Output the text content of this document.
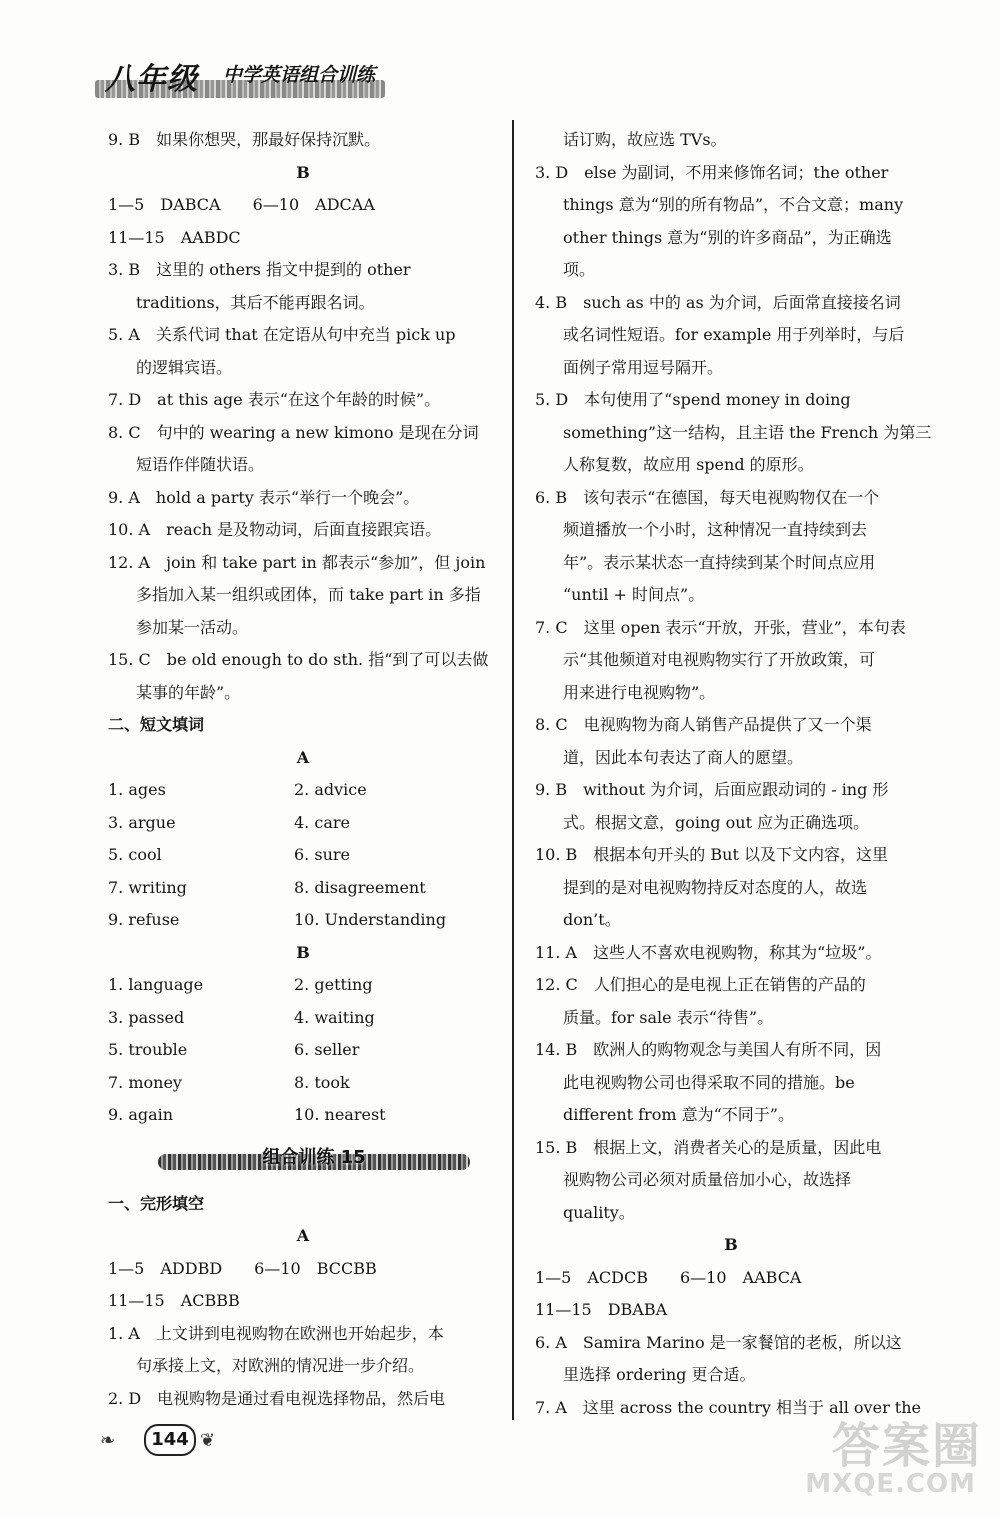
八年级 中学英语组合训练
9. B　如果你想哭，那最好保持沉默。
B
1—5　DABCA　　6—10　ADCAA
11—15　AABDC
3. B　这里的 others 指文中提到的 other
traditions，其后不能再跟名词。
5. A　关系代词 that 在定语从句中充当 pick up
的逻辑宾语。
7. D　at this age 表示“在这个年龄的时候”。
8. C　句中的 wearing a new kimono 是现在分词
短语作伴随状语。
9. A　hold a party 表示“举行一个晚会”。
10. A　reach 是及物动词，后面直接跟宾语。
12. A　join 和 take part in 都表示“参加”，但 join
多指加入某一组织或团体，而 take part in 多指
参加某一活动。
15. C　be old enough to do sth. 指“到了可以去做
某事的年龄”。
二、短文填词
A
1. ages	2. advice
3. argue	4. care
5. cool	6. sure
7. writing	8. disagreement
9. refuse	10. Understanding
B
1. language	2. getting
3. passed	4. waiting
5. trouble	6. seller
7. money	8. took
9. again	10. nearest
组合训练 15
一、完形填空
A
1—5　ADDBD　　6—10　BCCBB
11—15　ACBBB
1. A　上文讲到电视购物在欧洲也开始起步，本
句承接上文，对欧洲的情况进一步介绍。
2. D　电视购物是通过看电视选择物品，然后电
话订购，故应选 TVs。
3. D　else 为副词，不用来修饰名词；the other
things 意为“别的所有物品”，不合文意；many
other things 意为“别的许多商品”，为正确选
项。
4. B　such as 中的 as 为介词，后面常直接接名词
或名词性短语。for example 用于列举时，与后
面例子常用逗号隔开。
5. D　本句使用了“spend money in doing
something”这一结构，且主语 the French 为第三
人称复数，故应用 spend 的原形。
6. B　该句表示“在德国，每天电视购物仅在一个
频道播放一个小时，这种情况一直持续到去
年”。表示某状态一直持续到某个时间点应用
“until + 时间点”。
7. C　这里 open 表示“开放，开张，营业”，本句表
示“其他频道对电视购物实行了开放政策，可
用来进行电视购物”。
8. C　电视购物为商人销售产品提供了又一个渠
道，因此本句表达了商人的愿望。
9. B　without 为介词，后面应跟动词的 - ing 形
式。根据文意，going out 应为正确选项。
10. B　根据本句开头的 But 以及下文内容，这里
提到的是对电视购物持反对态度的人，故选
don’t。
11. A　这些人不喜欢电视购物，称其为“垃圾”。
12. C　人们担心的是电视上正在销售的产品的
质量。for sale 表示“待售”。
14. B　欧洲人的购物观念与美国人有所不同，因
此电视购物公司也得采取不同的措施。be
different from 意为“不同于”。
15. B　根据上文，消费者关心的是质量，因此电
视购物公司必须对质量倍加小心，故选择
quality。
B
1—5　ACDCB　　6—10　AABCA
11—15　DBABA
6. A　Samira Marino 是一家餐馆的老板，所以这
里选择 ordering 更合适。
7. A　这里 across the country 相当于 all over the
❧	144 ❦	答案圈
MXQE.COM
